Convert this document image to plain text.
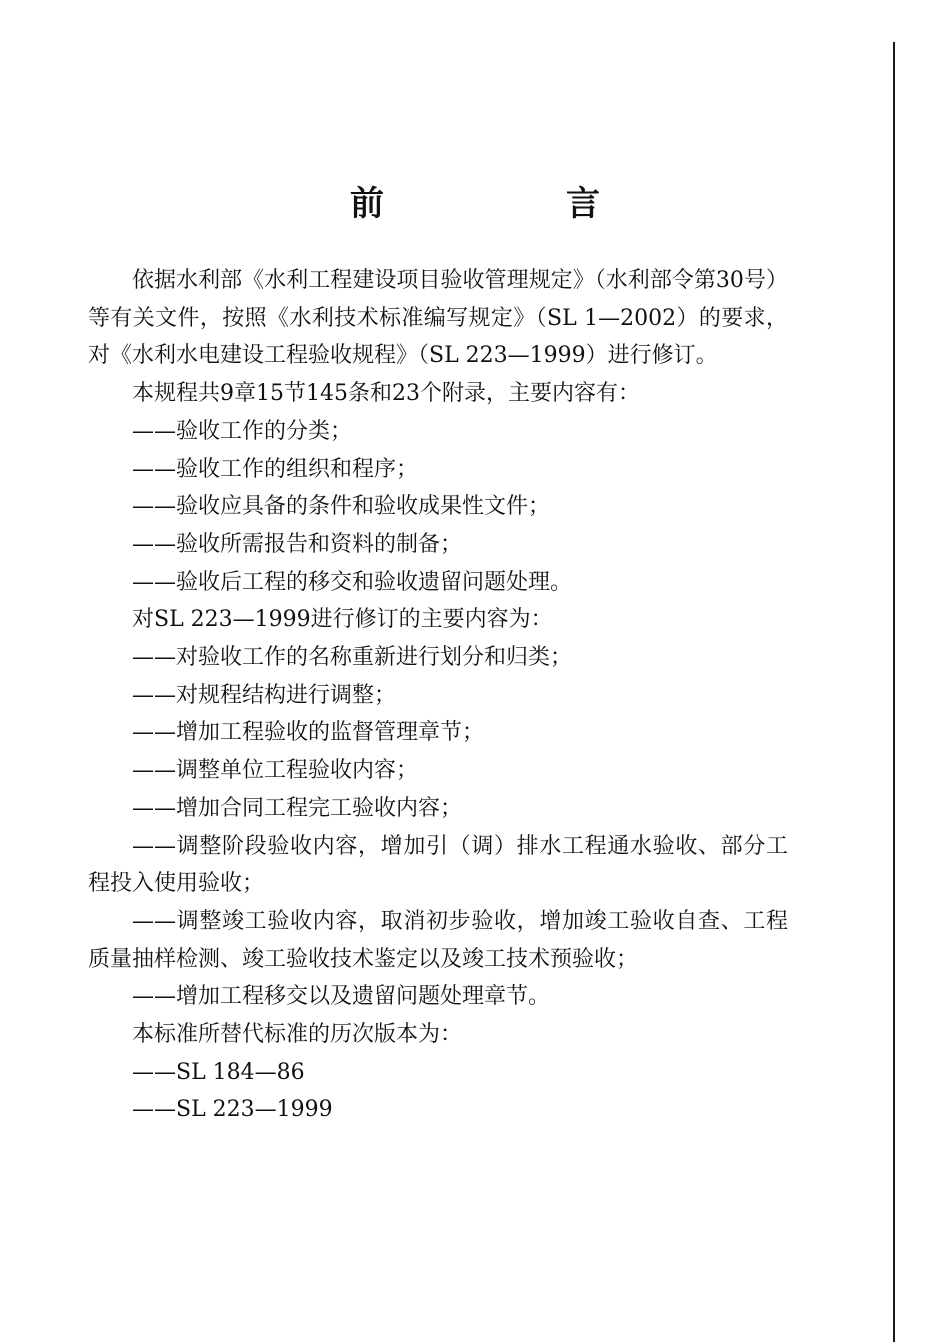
前　言

依据水利部《水利工程建设项目验收管理规定》（水利部令第30号）等有关文件，按照《水利技术标准编写规定》（SL 1—2002）的要求，对《水利水电建设工程验收规程》（SL 223—1999）进行修订。

本规程共9章15节145条和23个附录，主要内容有：

——验收工作的分类；

——验收工作的组织和程序；

——验收应具备的条件和验收成果性文件；

——验收所需报告和资料的制备；

——验收后工程的移交和验收遗留问题处理。

对SL 223—1999进行修订的主要内容为：

——对验收工作的名称重新进行划分和归类；

——对规程结构进行调整；

——增加工程验收的监督管理章节；

——调整单位工程验收内容；

——增加合同工程完工验收内容；

——调整阶段验收内容，增加引（调）排水工程通水验收、部分工程投入使用验收；

——调整竣工验收内容，取消初步验收，增加竣工验收自查、工程质量抽样检测、竣工验收技术鉴定以及竣工技术预验收；

——增加工程移交以及遗留问题处理章节。

本标准所替代标准的历次版本为：

——SL 184—86

——SL 223—1999
